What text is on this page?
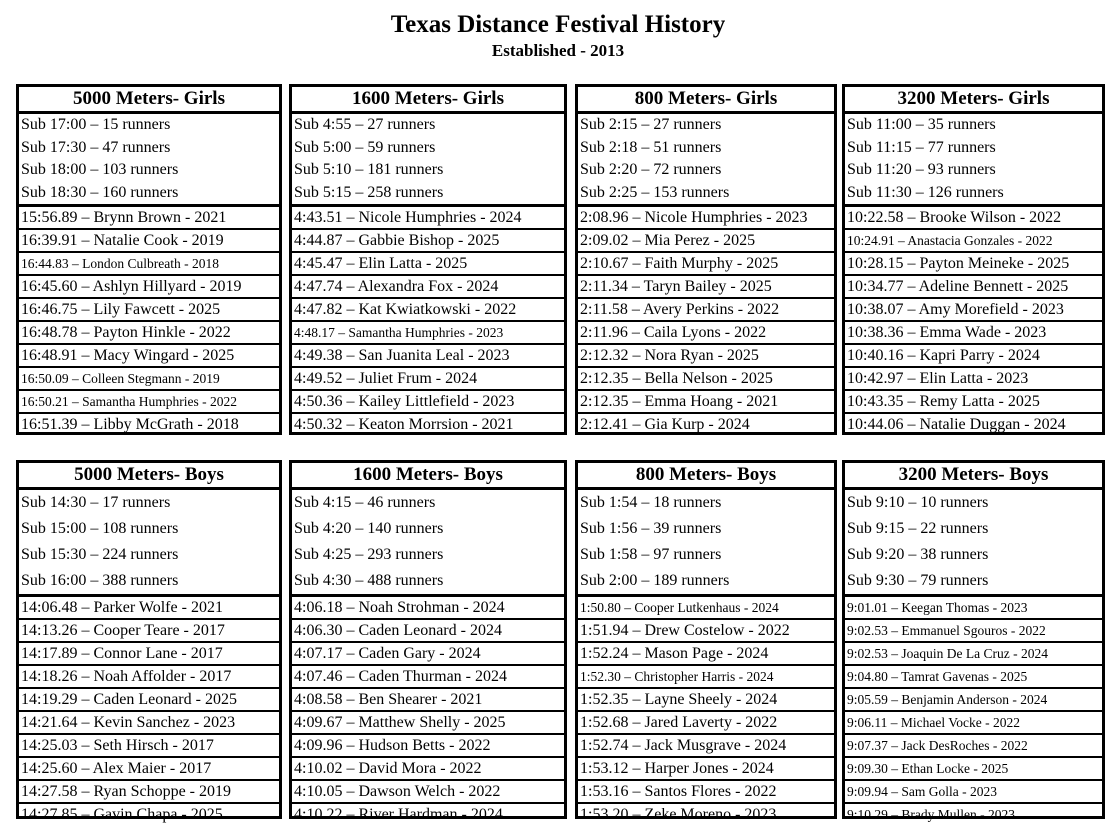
Texas Distance Festival History
Established - 2013
5000 Meters- Girls
Sub 17:00 – 15 runners
Sub 17:30 – 47 runners
Sub 18:00 – 103 runners
Sub 18:30 – 160 runners
15:56.89 – Brynn Brown - 2021
16:39.91 – Natalie Cook - 2019
16:44.83 – London Culbreath - 2018
16:45.60 – Ashlyn Hillyard - 2019
16:46.75 – Lily Fawcett - 2025
16:48.78 – Payton Hinkle - 2022
16:48.91 – Macy Wingard - 2025
16:50.09 – Colleen Stegmann - 2019
16:50.21 – Samantha Humphries - 2022
16:51.39 – Libby McGrath - 2018
1600 Meters- Girls
Sub 4:55 – 27 runners
Sub 5:00 – 59 runners
Sub 5:10 – 181 runners
Sub 5:15 – 258 runners
4:43.51 – Nicole Humphries - 2024
4:44.87 – Gabbie Bishop - 2025
4:45.47 – Elin Latta - 2025
4:47.74 – Alexandra Fox - 2024
4:47.82 – Kat Kwiatkowski - 2022
4:48.17 – Samantha Humphries - 2023
4:49.38 – San Juanita Leal - 2023
4:49.52 – Juliet Frum - 2024
4:50.36 – Kailey Littlefield - 2023
4:50.32 – Keaton Morrsion - 2021
800 Meters- Girls
Sub 2:15 – 27 runners
Sub 2:18 – 51 runners
Sub 2:20 – 72 runners
Sub 2:25 – 153 runners
2:08.96 – Nicole Humphries - 2023
2:09.02 – Mia Perez - 2025
2:10.67 – Faith Murphy - 2025
2:11.34 – Taryn Bailey - 2025
2:11.58 – Avery Perkins - 2022
2:11.96 – Caila Lyons - 2022
2:12.32 – Nora Ryan - 2025
2:12.35 – Bella Nelson - 2025
2:12.35 – Emma Hoang - 2021
2:12.41 – Gia Kurp - 2024
3200 Meters- Girls
Sub 11:00 – 35 runners
Sub 11:15 – 77 runners
Sub 11:20 – 93 runners
Sub 11:30 – 126 runners
10:22.58 – Brooke Wilson - 2022
10:24.91 – Anastacia Gonzales - 2022
10:28.15 – Payton Meineke - 2025
10:34.77 – Adeline Bennett - 2025
10:38.07 – Amy Morefield - 2023
10:38.36 – Emma Wade - 2023
10:40.16 – Kapri Parry - 2024
10:42.97 – Elin Latta - 2023
10:43.35 – Remy Latta - 2025
10:44.06 – Natalie Duggan - 2024
5000 Meters- Boys
Sub 14:30 – 17 runners
Sub 15:00 – 108 runners
Sub 15:30 – 224 runners
Sub 16:00 – 388 runners
14:06.48 – Parker Wolfe - 2021
14:13.26 – Cooper Teare - 2017
14:17.89 – Connor Lane - 2017
14:18.26 – Noah Affolder - 2017
14:19.29 – Caden Leonard - 2025
14:21.64 – Kevin Sanchez - 2023
14:25.03 – Seth Hirsch - 2017
14:25.60 – Alex Maier - 2017
14:27.58 – Ryan Schoppe - 2019
14:27.85 – Gavin Chapa - 2025
1600 Meters- Boys
Sub 4:15 – 46 runners
Sub 4:20 – 140 runners
Sub 4:25 – 293 runners
Sub 4:30 – 488 runners
4:06.18 – Noah Strohman - 2024
4:06.30 – Caden Leonard - 2024
4:07.17 – Caden Gary - 2024
4:07.46 – Caden Thurman - 2024
4:08.58 – Ben Shearer - 2021
4:09.67 – Matthew Shelly - 2025
4:09.96 – Hudson Betts - 2022
4:10.02 – David Mora - 2022
4:10.05 – Dawson Welch - 2022
4:10.22 – River Hardman - 2024
800 Meters- Boys
Sub 1:54 – 18 runners
Sub 1:56 – 39 runners
Sub 1:58 – 97 runners
Sub 2:00 – 189 runners
1:50.80 – Cooper Lutkenhaus - 2024
1:51.94 – Drew Costelow - 2022
1:52.24 – Mason Page - 2024
1:52.30 – Christopher Harris - 2024
1:52.35 – Layne Sheely - 2024
1:52.68 – Jared Laverty - 2022
1:52.74 – Jack Musgrave - 2024
1:53.12 – Harper Jones - 2024
1:53.16 – Santos Flores - 2022
1:53.20 – Zeke Moreno - 2023
3200 Meters- Boys
Sub 9:10 – 10 runners
Sub 9:15 – 22 runners
Sub 9:20 – 38 runners
Sub 9:30 – 79 runners
9:01.01 – Keegan Thomas - 2023
9:02.53 – Emmanuel Sgouros - 2022
9:02.53 – Joaquin De La Cruz - 2024
9:04.80 – Tamrat Gavenas - 2025
9:05.59 – Benjamin Anderson - 2024
9:06.11 – Michael Vocke - 2022
9:07.37 – Jack DesRoches - 2022
9:09.30 – Ethan Locke - 2025
9:09.94 – Sam Golla - 2023
9:10.29 – Brady Mullen - 2023
